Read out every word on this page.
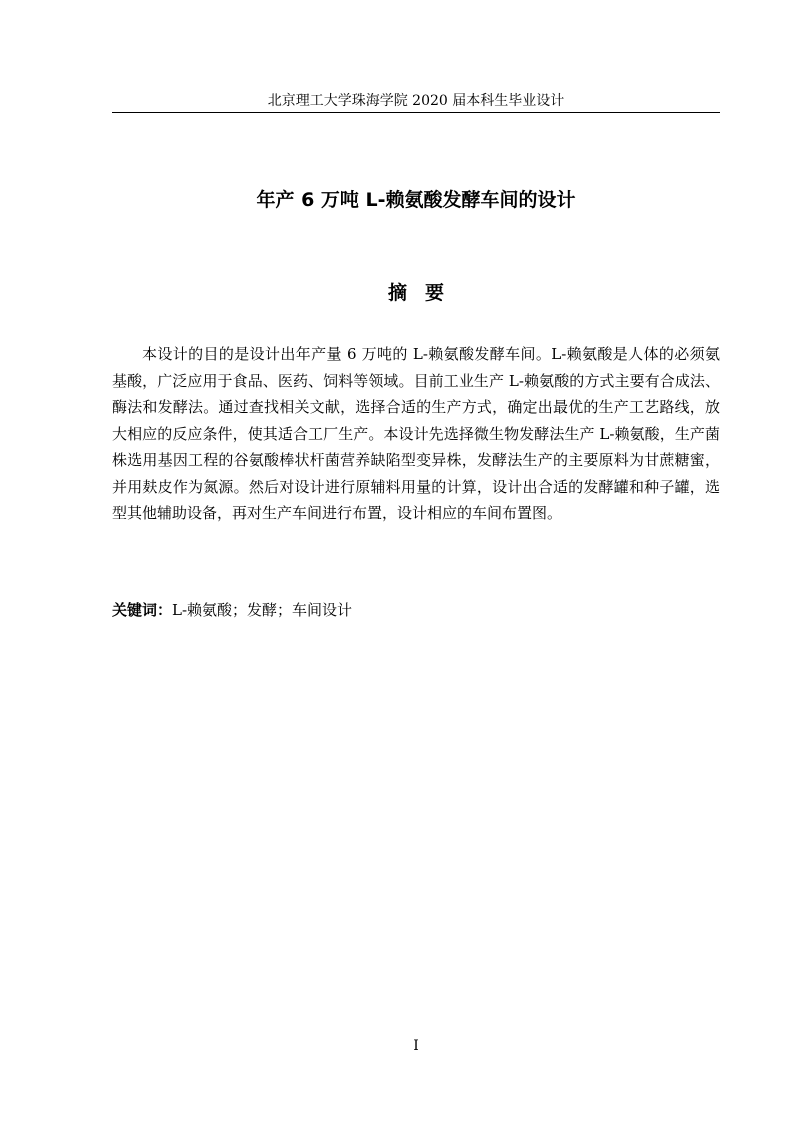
北京理工大学珠海学院 2020 届本科生毕业设计
年产 6 万吨 L-赖氨酸发酵车间的设计
摘要

本设计的目的是设计出年产量 6 万吨的 L-赖氨酸发酵车间。L-赖氨酸是人体的必须氨基酸，广泛应用于食品、医药、饲料等领域。目前工业生产 L-赖氨酸的方式主要有合成法、酶法和发酵法。通过查找相关文献，选择合适的生产方式，确定出最优的生产工艺路线，放大相应的反应条件，使其适合工厂生产。本设计先选择微生物发酵法生产 L-赖氨酸，生产菌株选用基因工程的谷氨酸棒状杆菌营养缺陷型变异株，发酵法生产的主要原料为甘蔗糖蜜，并用麸皮作为氮源。然后对设计进行原辅料用量的计算，设计出合适的发酵罐和种子罐，选型其他辅助设备，再对生产车间进行布置，设计相应的车间布置图。

关键词：L-赖氨酸；发酵；车间设计
I
